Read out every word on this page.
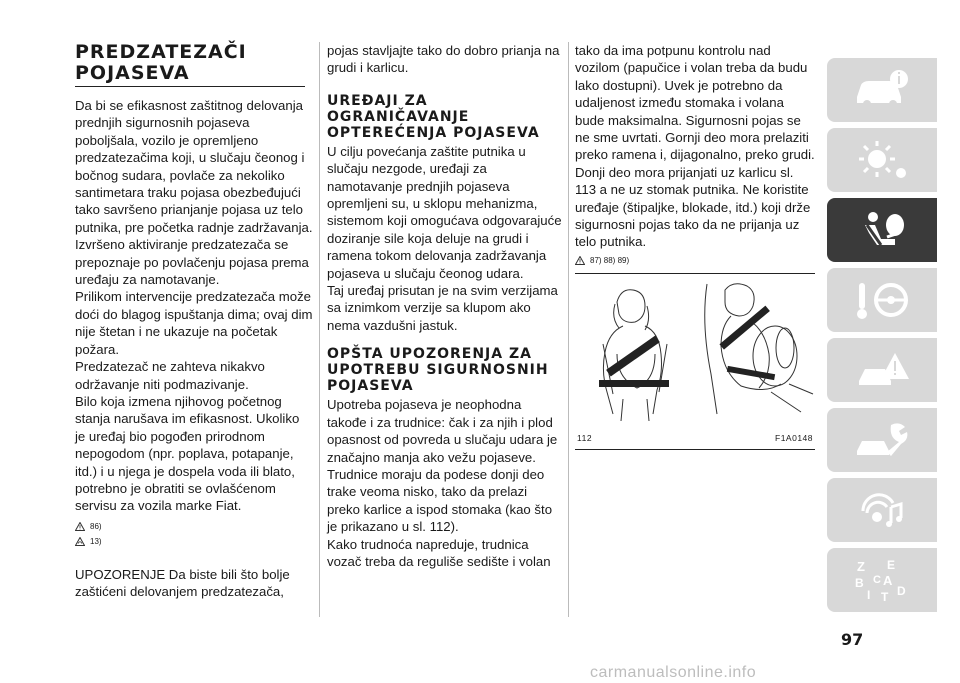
PREDZATEZAČI POJASEVA

Da bi se efikasnost zaštitnog delovanja prednjih sigurnosnih pojaseva poboljšala, vozilo je opremljeno predzatezačima koji, u slučaju čeonog i bočnog sudara, povlače za nekoliko santimetara traku pojasa obezbeđujući tako savršeno prianjanje pojasa uz telo putnika, pre početka radnje zadržavanja.

Izvršeno aktiviranje predzatezača se prepoznaje po povlačenju pojasa prema uređaju za namotavanje.

Prilikom intervencije predzatezača može doći do blagog ispuštanja dima; ovaj dim nije štetan i ne ukazuje na početak požara.

Predzatezač ne zahteva nikakvo održavanje niti podmazivanje.

Bilo koja izmena njihovog početnog stanja narušava im efikasnost. Ukoliko je uređaj bio pogođen prirodnom nepogodom (npr. poplava, potapanje, itd.) i u njega je dospela voda ili blato, potrebno je obratiti se ovlašćenom servisu za vozila marke Fiat.

86)
13)

UPOZORENJE Da biste bili što bolje zaštićeni delovanjem predzatezača,

pojas stavljajte tako do dobro prianja na grudi i karlicu.

UREĐAJI ZA OGRANIČAVANJE OPTEREĆENJA POJASEVA

U cilju povećanja zaštite putnika u slučaju nezgode, uređaji za namotavanje prednjih pojaseva opremljeni su, u sklopu mehanizma, sistemom koji omogućava odgovarajuće doziranje sile koja deluje na grudi i ramena tokom delovanja zadržavanja pojaseva u slučaju čeonog udara.

Taj uređaj prisutan je na svim verzijama sa iznimkom verzije sa klupom ako nema vazdušni jastuk.

OPŠTA UPOZORENJA ZA UPOTREBU SIGURNOSNIH POJASEVA

Upotreba pojaseva je neophodna takođe i za trudnice: čak i za njih i plod opasnost od povreda u slučaju udara je značajno manja ako vežu pojaseve. Trudnice moraju da podese donji deo trake veoma nisko, tako da prelazi preko karlice a ispod stomaka (kao što je prikazano u sl. 112).

Kako trudnoća napreduje, trudnica vozač treba da reguliše sedište i volan

tako da ima potpunu kontrolu nad vozilom (papučice i volan treba da budu lako dostupni). Uvek je potrebno da udaljenost između stomaka i volana bude maksimalna. Sigurnosni pojas se ne sme uvrtati. Gornji deo mora prelaziti preko ramena i, dijagonalno, preko grudi. Donji deo mora prijanjati uz karlicu sl. 113 a ne uz stomak putnika. Ne koristite uređaje (štipaljke, blokade, itd.) koji drže sigurnosni pojas tako da ne prijanja uz telo putnika.

87) 88) 89)
112	F1A0148
Z E
B A
I
C
T D
97
carmanualsonline.info
